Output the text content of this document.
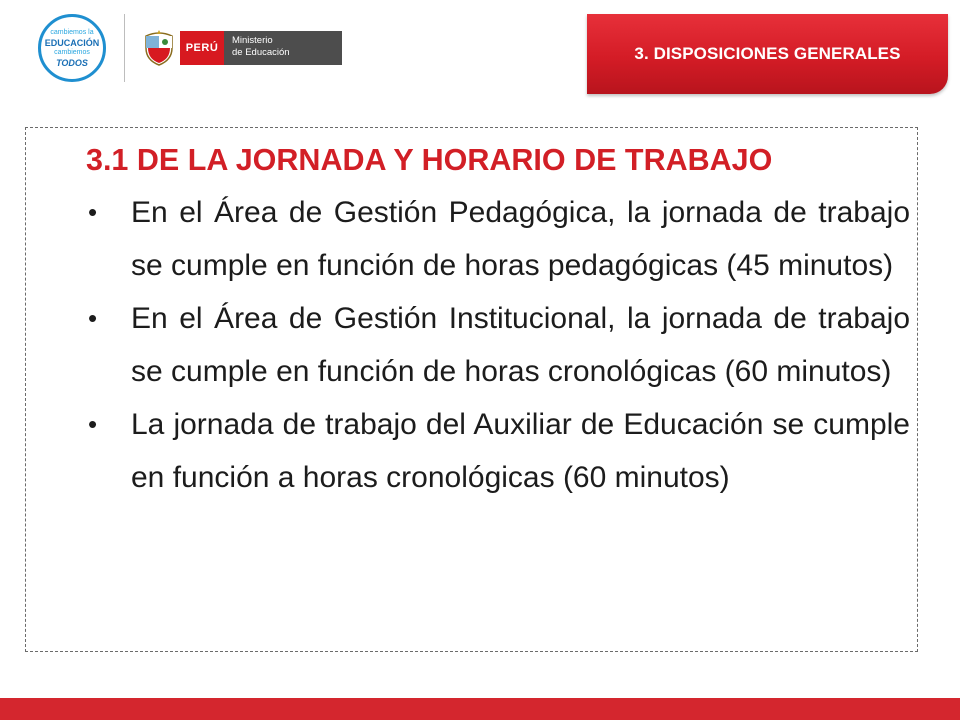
cambiemos la
EDUCACIÓN
cambiemos
TODOS
PERÚ
Ministerio
de Educación	3. DISPOSICIONES GENERALES
3.1 DE LA JORNADA Y HORARIO DE TRABAJO
•	En el Área de Gestión Pedagógica, la jornada de trabajo se cumple en función de horas pedagógicas (45 minutos)
•	En el Área de Gestión Institucional, la jornada de trabajo se cumple en función de horas cronológicas (60 minutos)
•	La jornada de trabajo del Auxiliar de Educación se cumple en función a horas cronológicas (60 minutos)
